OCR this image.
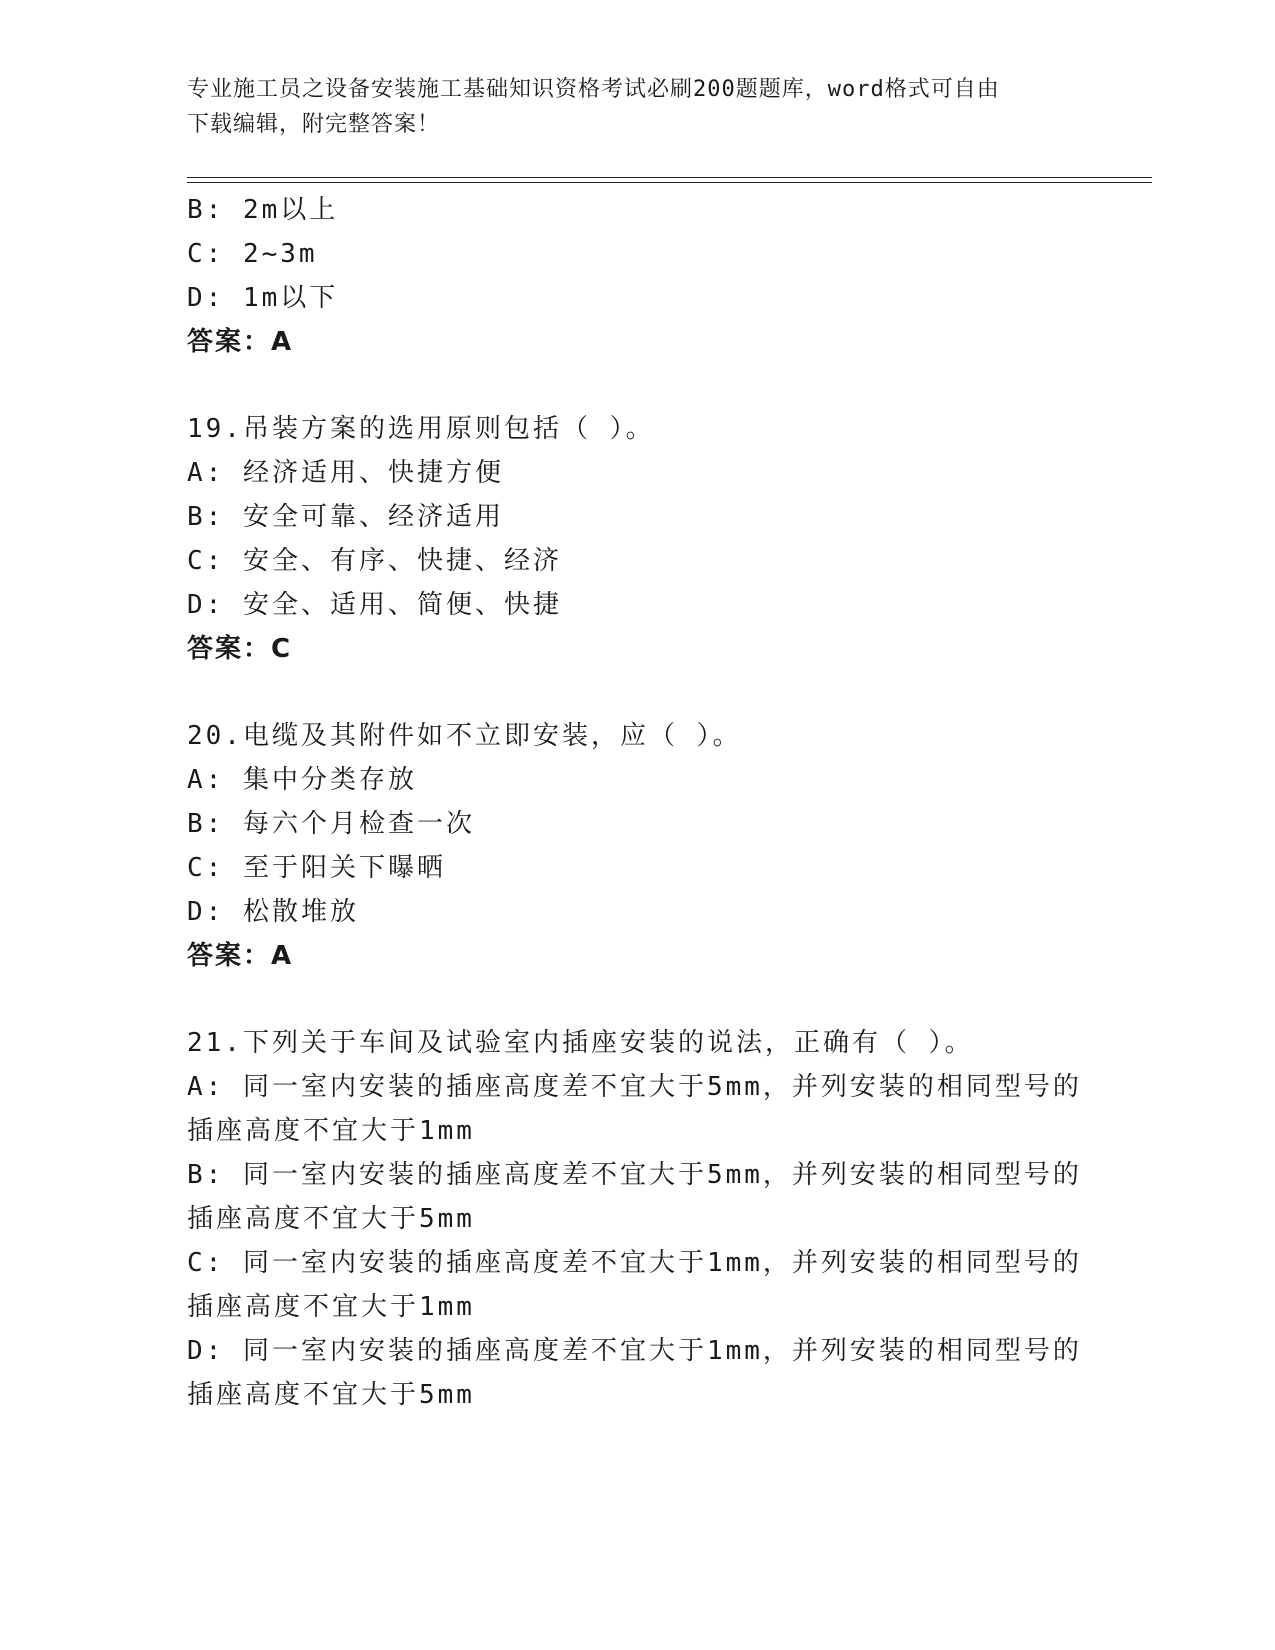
专业施工员之设备安装施工基础知识资格考试必刷200题题库，word格式可自由
下载编辑，附完整答案！
B: 2m以上
C: 2~3m
D: 1m以下
答案：A
19.吊装方案的选用原则包括（ ）。
A: 经济适用、快捷方便
B: 安全可靠、经济适用
C: 安全、有序、快捷、经济
D: 安全、适用、简便、快捷
答案：C
20.电缆及其附件如不立即安装，应（ ）。
A: 集中分类存放
B: 每六个月检查一次
C: 至于阳关下曝晒
D: 松散堆放
答案：A
21.下列关于车间及试验室内插座安装的说法，正确有（ ）。
A: 同一室内安装的插座高度差不宜大于5mm，并列安装的相同型号的
插座高度不宜大于1mm
B: 同一室内安装的插座高度差不宜大于5mm，并列安装的相同型号的
插座高度不宜大于5mm
C: 同一室内安装的插座高度差不宜大于1mm，并列安装的相同型号的
插座高度不宜大于1mm
D: 同一室内安装的插座高度差不宜大于1mm，并列安装的相同型号的
插座高度不宜大于5mm
